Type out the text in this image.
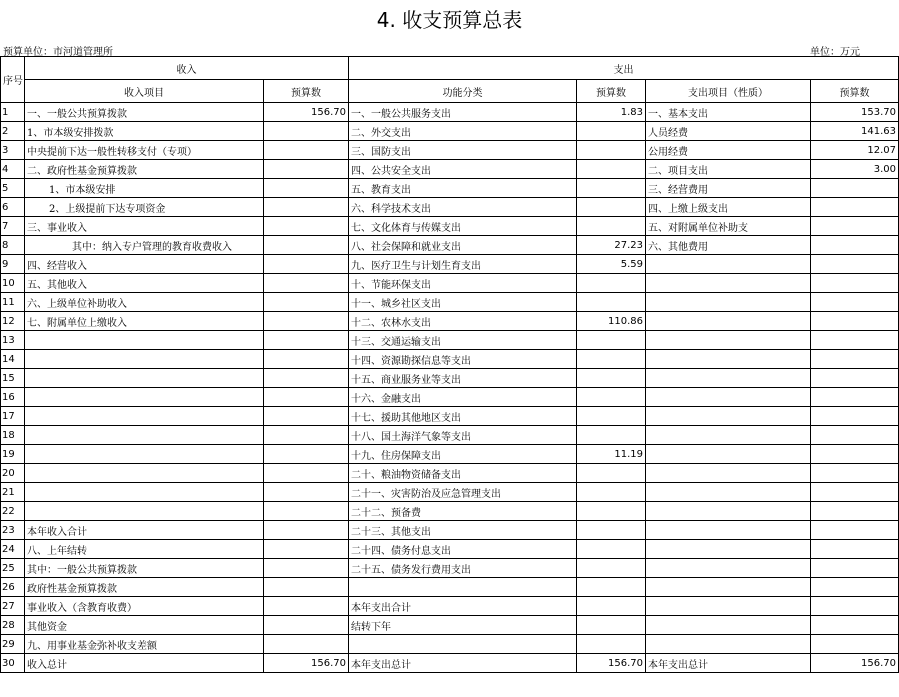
4. 收支预算总表
预算单位：市河道管理所	单位：万元
序号	收入		支出			
	收入项目	预算数	功能分类	预算数	支出项目（性质）	预算数
1	一、一般公共预算拨款	156.70	一、一般公共服务支出	1.83	一、基本支出	153.70
2	1、市本级安排拨款		二、外交支出		人员经费	141.63
3	中央提前下达一般性转移支付（专项）		三、国防支出		公用经费	12.07
4	二、政府性基金预算拨款		四、公共安全支出		二、项目支出	3.00
5	1、市本级安排		五、教育支出		三、经营费用	
6	2、上级提前下达专项资金		六、科学技术支出		四、上缴上级支出	
7	三、事业收入		七、文化体育与传媒支出		五、对附属单位补助支	
8	其中：纳入专户管理的教育收费收入		八、社会保障和就业支出	27.23	六、其他费用	
9	四、经营收入		九、医疗卫生与计划生育支出	5.59		
10	五、其他收入		十、节能环保支出			
11	六、上级单位补助收入		十一、城乡社区支出			
12	七、附属单位上缴收入		十二、农林水支出	110.86		
13			十三、交通运输支出			
14			十四、资源勘探信息等支出			
15			十五、商业服务业等支出			
16			十六、金融支出			
17			十七、援助其他地区支出			
18			十八、国土海洋气象等支出			
19			十九、住房保障支出	11.19		
20			二十、粮油物资储备支出			
21			二十一、灾害防治及应急管理支出			
22			二十二、预备费			
23	本年收入合计		二十三、其他支出			
24	八、上年结转		二十四、债务付息支出			
25	其中：一般公共预算拨款		二十五、债务发行费用支出			
26	政府性基金预算拨款					
27	事业收入（含教育收费）		本年支出合计			
28	其他资金		结转下年			
29	九、用事业基金弥补收支差额					
30	收入总计	156.70	本年支出总计	156.70	本年支出总计	156.70
